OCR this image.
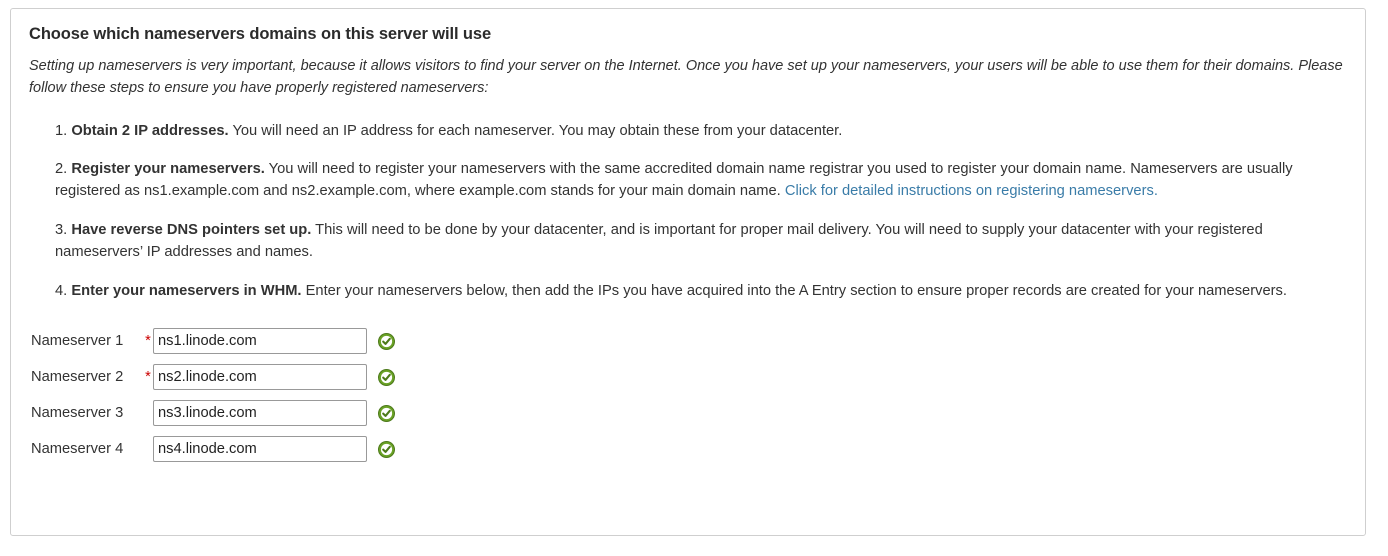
Choose which nameservers domains on this server will use

Setting up nameservers is very important, because it allows visitors to find your server on the Internet. Once you have set up your nameservers, your users will be able to use them for their domains. Please follow these steps to ensure you have properly registered nameservers:

1. Obtain 2 IP addresses. You will need an IP address for each nameserver. You may obtain these from your datacenter.
2. Register your nameservers. You will need to register your nameservers with the same accredited domain name registrar you used to register your domain name. Nameservers are usually registered as ns1.example.com and ns2.example.com, where example.com stands for your main domain name. Click for detailed instructions on registering nameservers.
3. Have reverse DNS pointers set up. This will need to be done by your datacenter, and is important for proper mail delivery. You will need to supply your datacenter with your registered nameservers’ IP addresses and names.
4. Enter your nameservers in WHM. Enter your nameservers below, then add the IPs you have acquired into the A Entry section to ensure proper records are created for your nameservers.
Nameserver 1	*
ns1.linode.com
Nameserver 2	*
ns2.linode.com
Nameserver 3
ns3.linode.com
Nameserver 4
ns4.linode.com
